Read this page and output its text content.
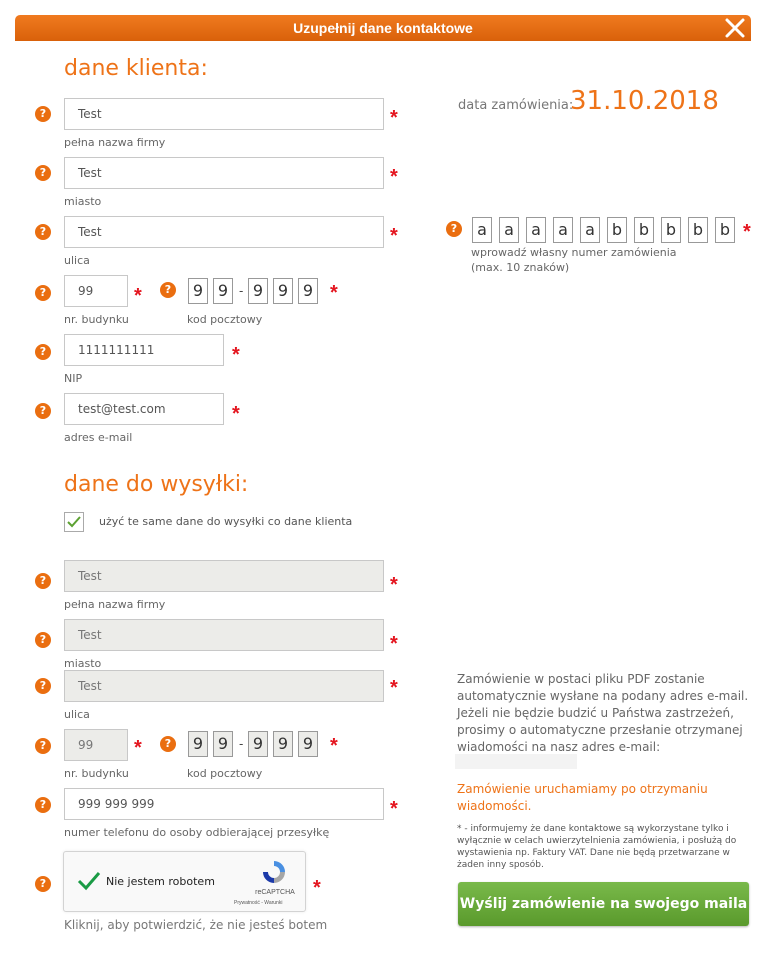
Uzupełnij dane kontaktowe
dane klienta:
?	Test	*
pełna nazwa firmy
?	Test	*
miasto
?	Test	*
ulica
?	99	*
nr. budynku
?	9 9 - 9 9 9 *
kod pocztowy
?	1111111111	*
NIP
?	test@test.com	*
adres e-mail
data zamówienia:
31.10.2018
?	a	a	a	a	a	b	b	b	b	b *
wprowadź własny numer zamówienia
(max. 10 znaków)
dane do wysyłki:
użyć te same dane do wysyłki co dane klienta
?	Test	*
pełna nazwa firmy
?	Test	*
miasto
?	Test	*
ulica
?	99	*
nr. budynku
?	9 9 - 9 9 9 *
kod pocztowy
?	999 999 999	*
numer telefonu do osoby odbierającej przesyłkę
?	Nie jestem robotem
reCAPTCHA
Prywatność - Warunki
*
Kliknij, aby potwierdzić, że nie jesteś botem
Zamówienie w postaci pliku PDF zostanie automatycznie wysłane na podany adres e-mail. Jeżeli nie będzie budzić u Państwa zastrzeżeń, prosimy o automatyczne przesłanie otrzymanej wiadomości na nasz adres e-mail:
Zamówienie uruchamiamy po otrzymaniu wiadomości.
* - informujemy że dane kontaktowe są wykorzystane tylko i wyłącznie w celach uwierzytelnienia zamówienia, i posłużą do wystawienia np. Faktury VAT. Dane nie będą przetwarzane w żaden inny sposób.
Wyślij zamówienie na swojego maila
